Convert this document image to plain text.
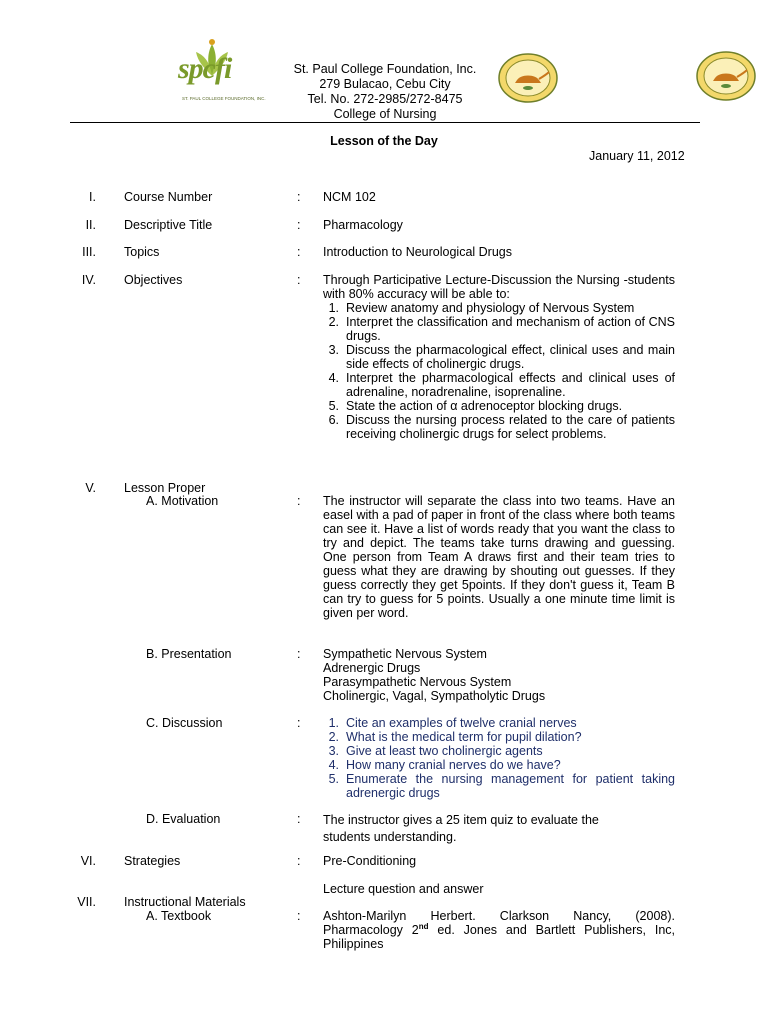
spcfi
ST. PAUL COLLEGE FOUNDATION, INC.
St. Paul College Foundation, Inc.
279 Bulacao, Cebu City
Tel. No. 272-2985/272-8475
College of Nursing
Lesson of the Day
January 11, 2012
I. Course Number	: NCM 102
II. Descriptive Title	: Pharmacology
III. Topics	: Introduction to Neurological Drugs
IV. Objectives	: Through Participative Lecture-Discussion the Nursing -students with 80% accuracy will be able to:
1. Review anatomy and physiology of Nervous System
2. Interpret the classification and mechanism of action of CNS drugs.
3. Discuss the pharmacological effect, clinical uses and main side effects of cholinergic drugs.
4. Interpret the pharmacological effects and clinical uses of adrenaline, noradrenaline, isoprenaline.
5. State the action of α adrenoceptor blocking drugs.
6. Discuss the nursing process related to the care of patients receiving cholinergic drugs for select problems.
V. Lesson Proper
A. Motivation	: The instructor will separate the class into two teams. Have an easel with a pad of paper in front of the class where both teams can see it. Have a list of words ready that you want the class to try and depict. The teams take turns drawing and guessing. One person from Team A draws first and their team tries to guess what they are drawing by shouting out guesses. If they guess correctly they get 5points. If they don't guess it, Team B can try to guess for 5 points. Usually a one minute time limit is given per word.
B. Presentation	: Sympathetic Nervous System
Adrenergic Drugs
Parasympathetic Nervous System
Cholinergic, Vagal, Sympatholytic Drugs
C. Discussion	:	1. Cite an examples of twelve cranial nerves
2. What is the medical term for pupil dilation?
3. Give at least two cholinergic agents
4. How many cranial nerves do we have?
5. Enumerate the nursing management for patient taking adrenergic drugs
D. Evaluation	: The instructor gives a 25 item quiz to evaluate the students understanding.
VI. Strategies	: Pre-Conditioning
Lecture question and answer
VII. Instructional Materials
A. Textbook	: Ashton-Marilyn Herbert. Clarkson Nancy, (2008). Pharmacology 2nd ed. Jones and Bartlett Publishers, Inc, Philippines
